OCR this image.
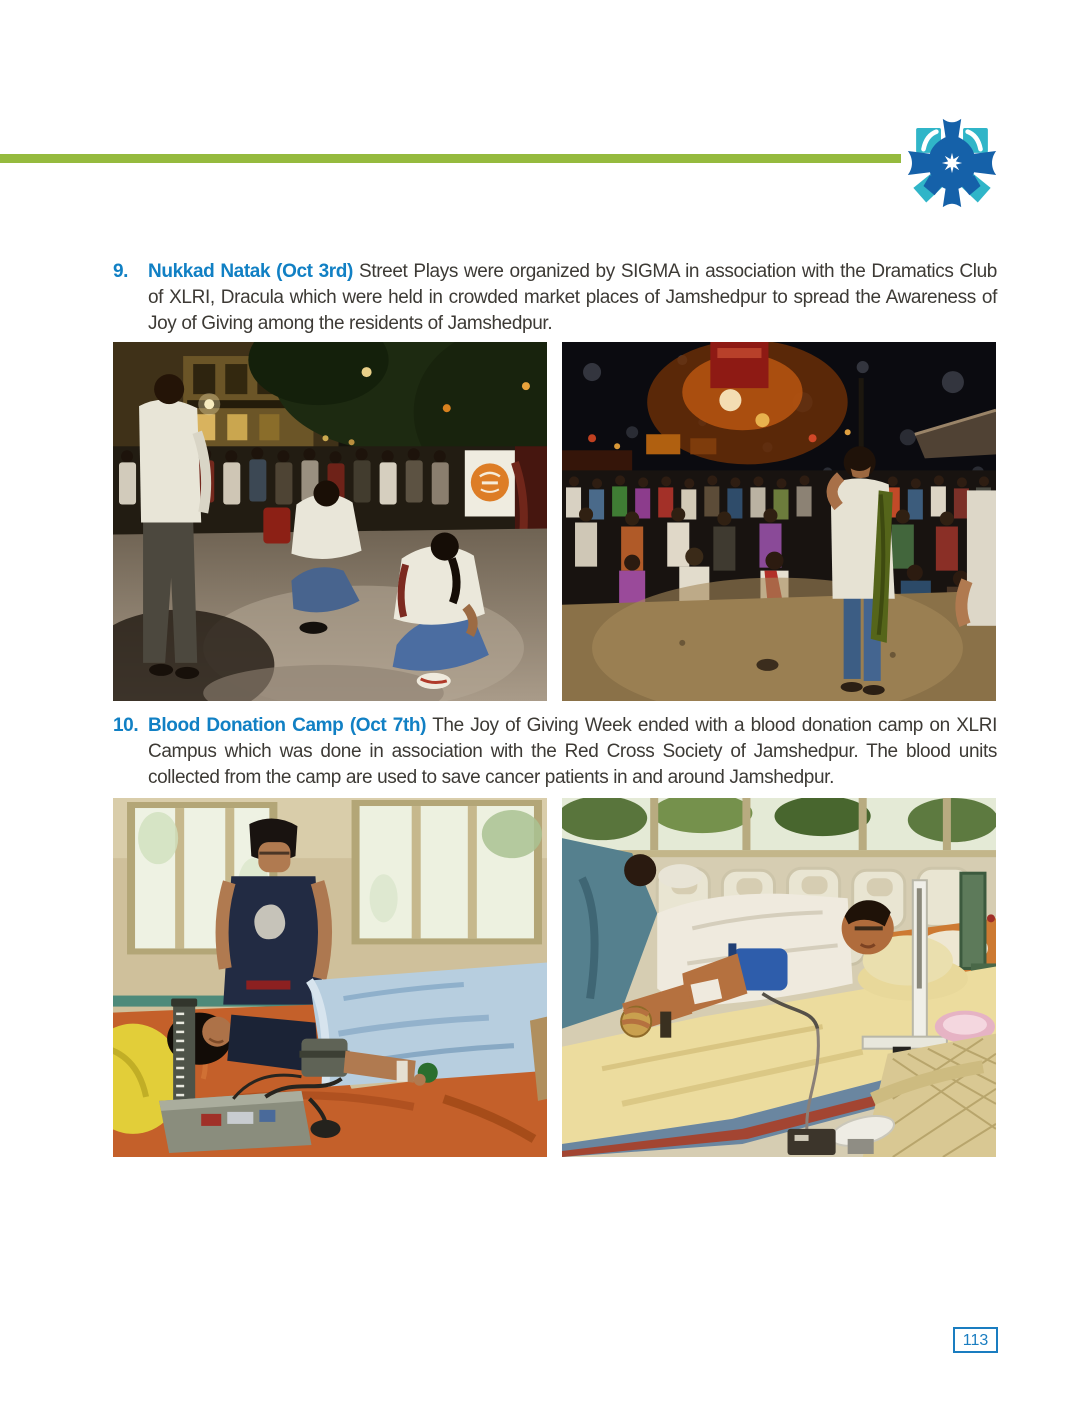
9. Nukkad Natak (Oct 3rd) Street Plays were organized by SIGMA in association with the Dramatics Club of XLRI, Dracula which were held in crowded market places of Jamshedpur to spread the Awareness of Joy of Giving among the residents of Jamshedpur.

10. Blood Donation Camp (Oct 7th) The Joy of Giving Week ended with a blood donation camp on XLRI Campus which was done in association with the Red Cross Society of Jamshedpur. The blood units collected from the camp are used to save cancer patients in and around Jamshedpur.

113
